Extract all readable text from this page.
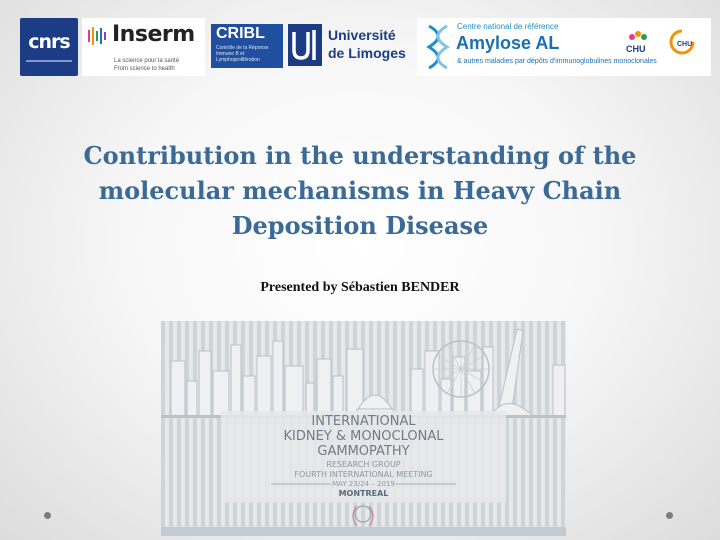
cnrs Inserm
La science pour la santé
From science to health
CRIBL
Contrôle de la Réponse Immune B et Lymphoprolifération
Université
de Limoges
Centre national de référence
Amylose AL
& autres maladies par dépôts d'immunoglobulines monoclonales
CHU	CHU
Contribution in the understanding of the molecular mechanisms in Heavy Chain Deposition Disease
Presented by Sébastien BENDER
INTERNATIONAL
KIDNEY & MONOCLONAL
GAMMOPATHY
RESEARCH GROUP
FOURTH INTERNATIONAL MEETING
MAY 23/24 – 2019
MONTREAL
